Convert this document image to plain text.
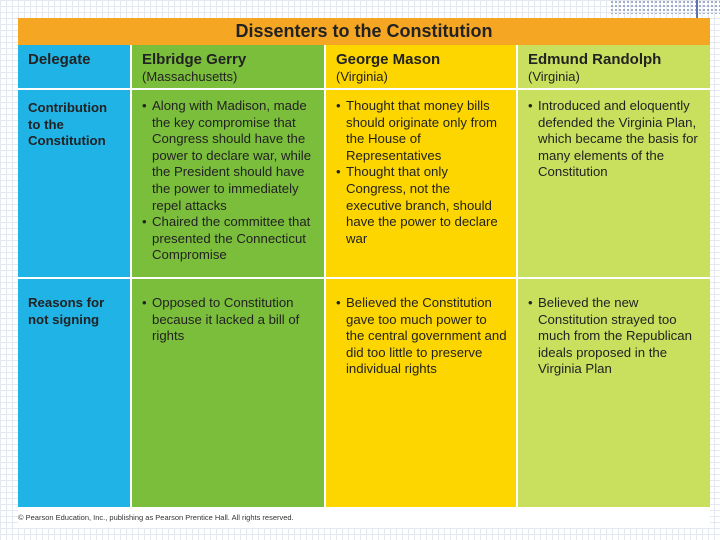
Dissenters to the Constitution
Delegate	Elbridge Gerry
(Massachusetts)
George Mason
(Virginia)
Edmund Randolph
(Virginia)
Contribution to the Constitution
• Along with Madison, made the key compromise that Congress should have the power to declare war, while the President should have the power to immediately repel attacks
• Chaired the committee that presented the Connecticut Compromise
• Thought that money bills should originate only from the House of Representatives
• Thought that only Congress, not the executive branch, should have the power to declare war
• Introduced and eloquently defended the Virginia Plan, which became the basis for many elements of the Constitution
Reasons for not signing
• Opposed to Constitution because it lacked a bill of rights
• Believed the Constitution gave too much power to the central government and did too little to preserve individual rights
• Believed the new Constitution strayed too much from the Republican ideals proposed in the Virginia Plan
© Pearson Education, Inc., publishing as Pearson Prentice Hall. All rights reserved.
